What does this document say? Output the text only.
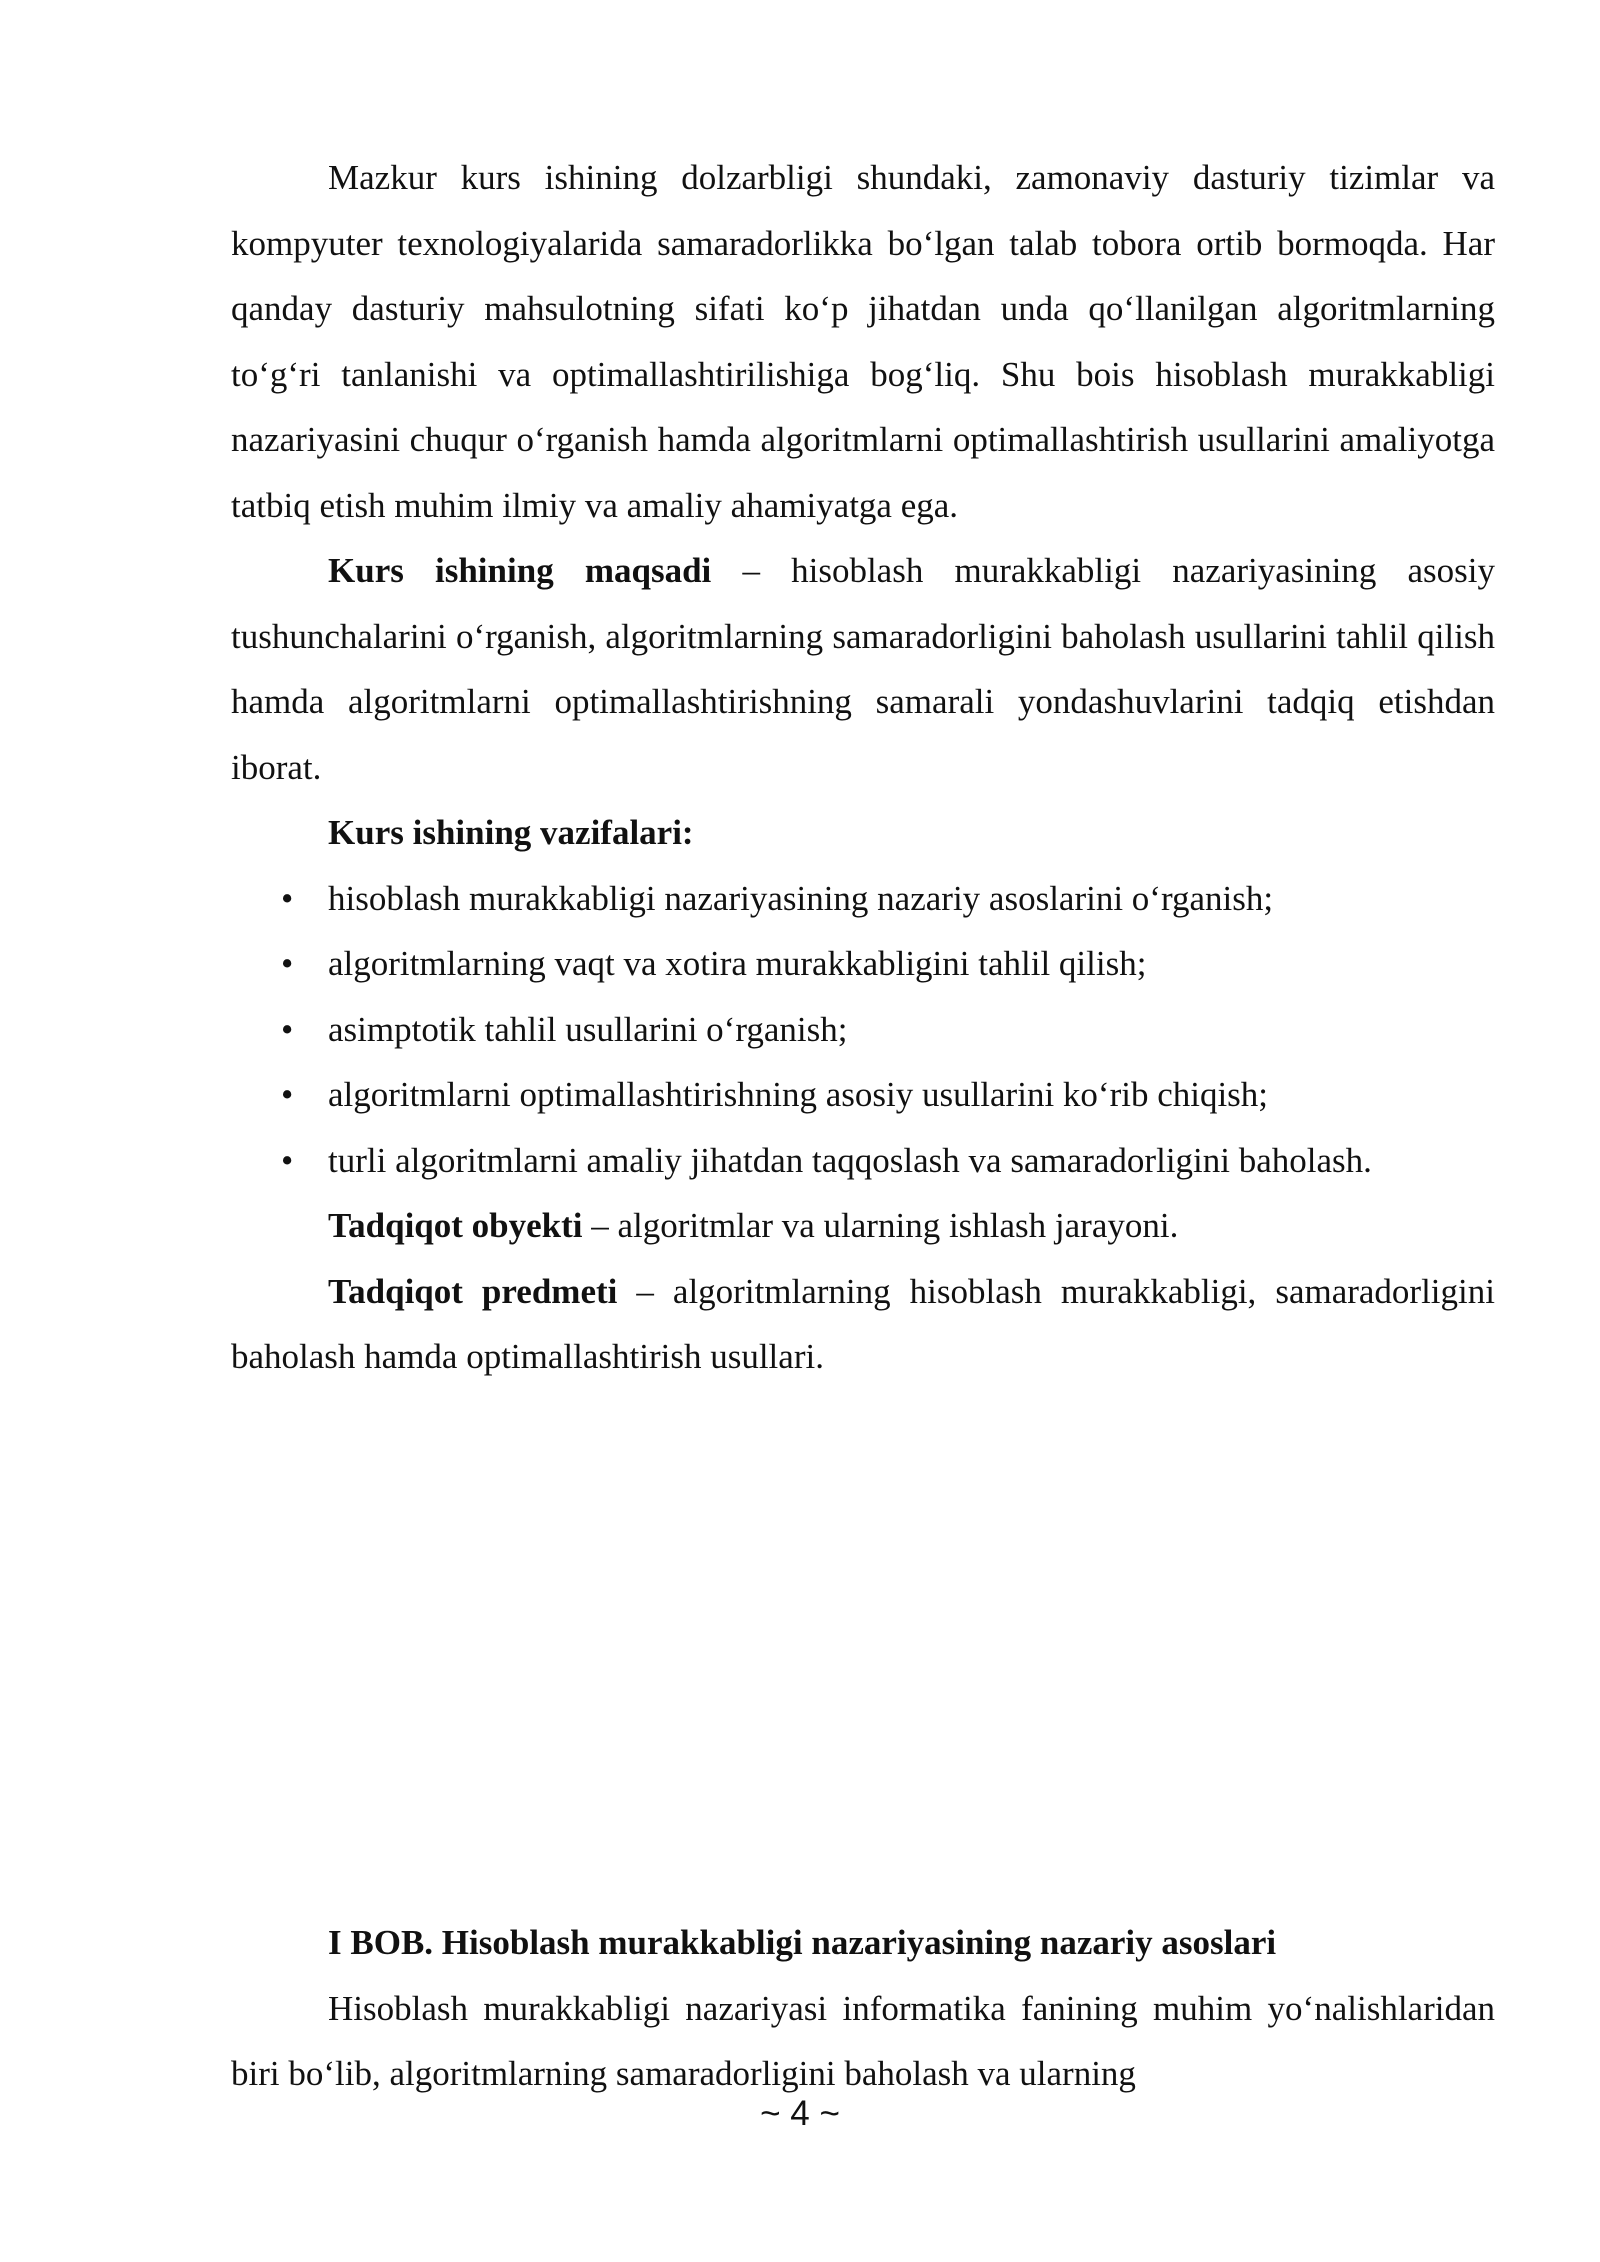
Mazkur kurs ishining dolzarbligi shundaki, zamonaviy dasturiy tizimlar va kompyuter texnologiyalarida samaradorlikka bo‘lgan talab tobora ortib bormoqda. Har qanday dasturiy mahsulotning sifati ko‘p jihatdan unda qo‘llanilgan algoritmlarning to‘g‘ri tanlanishi va optimallashtirilishiga bog‘liq. Shu bois hisoblash murakkabligi nazariyasini chuqur o‘rganish hamda algoritmlarni optimallashtirish usullarini amaliyotga tatbiq etish muhim ilmiy va amaliy ahamiyatga ega.

Kurs ishining maqsadi – hisoblash murakkabligi nazariyasining asosiy tushunchalarini o‘rganish, algoritmlarning samaradorligini baholash usullarini tahlil qilish hamda algoritmlarni optimallashtirishning samarali yondashuvlarini tadqiq etishdan iborat.

Kurs ishining vazifalari:
• hisoblash murakkabligi nazariyasining nazariy asoslarini o‘rganish;
• algoritmlarning vaqt va xotira murakkabligini tahlil qilish;
• asimptotik tahlil usullarini o‘rganish;
• algoritmlarni optimallashtirishning asosiy usullarini ko‘rib chiqish;
• turli algoritmlarni amaliy jihatdan taqqoslash va samaradorligini baholash.

Tadqiqot obyekti – algoritmlar va ularning ishlash jarayoni.

Tadqiqot predmeti – algoritmlarning hisoblash murakkabligi, samaradorligini baholash hamda optimallashtirish usullari.

I BOB. Hisoblash murakkabligi nazariyasining nazariy asoslari

Hisoblash murakkabligi nazariyasi informatika fanining muhim yo‘nalishlaridan biri bo‘lib, algoritmlarning samaradorligini baholash va ularning

~ 4 ~
